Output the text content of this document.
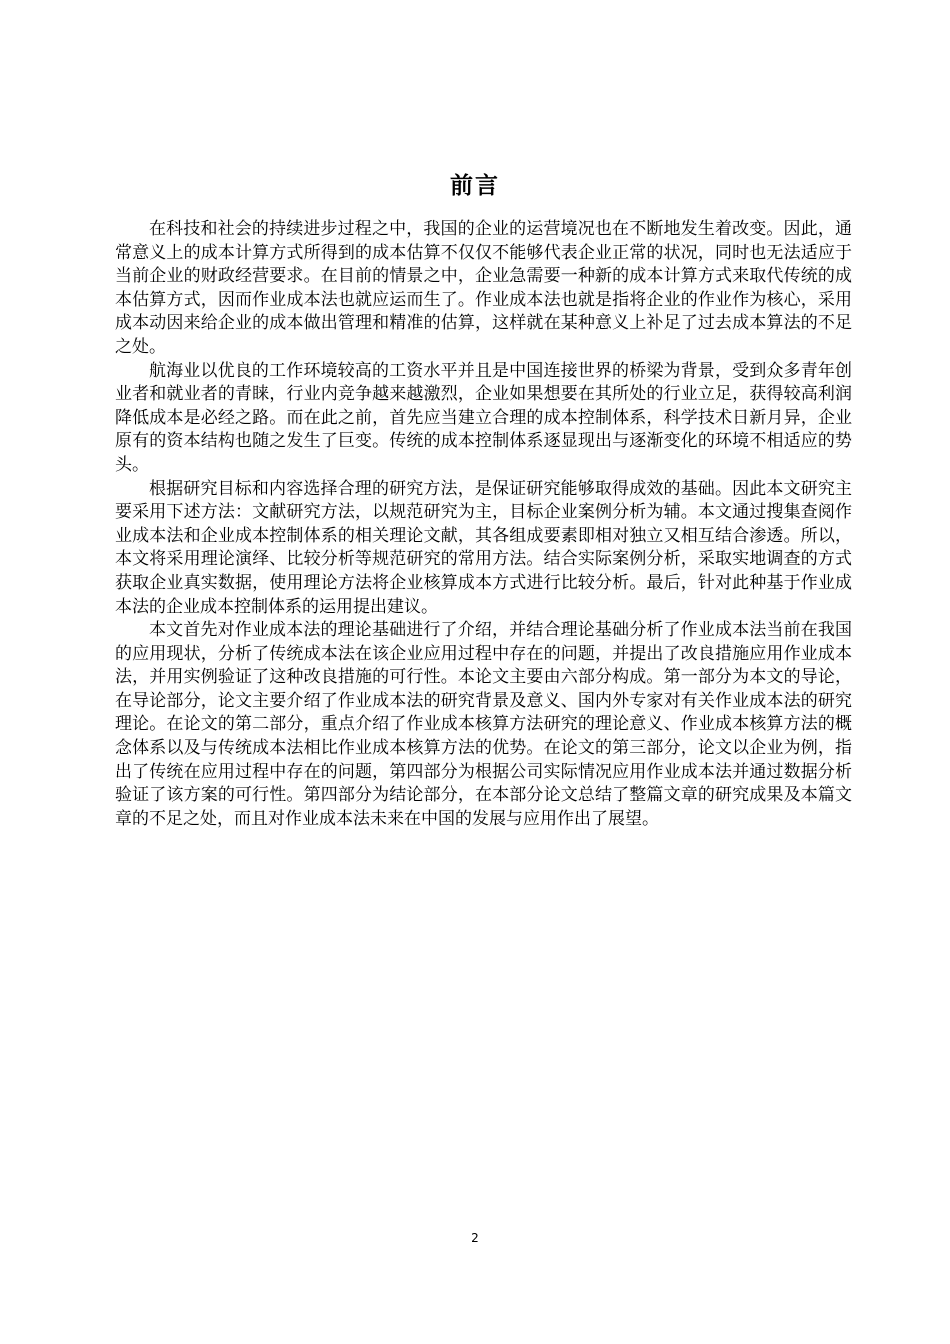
前言

在科技和社会的持续进步过程之中，我国的企业的运营境况也在不断地发生着改变。因此，通常意义上的成本计算方式所得到的成本估算不仅仅不能够代表企业正常的状况，同时也无法适应于当前企业的财政经营要求。在目前的情景之中，企业急需要一种新的成本计算方式来取代传统的成本估算方式，因而作业成本法也就应运而生了。作业成本法也就是指将企业的作业作为核心，采用成本动因来给企业的成本做出管理和精准的估算，这样就在某种意义上补足了过去成本算法的不足之处。

航海业以优良的工作环境较高的工资水平并且是中国连接世界的桥梁为背景，受到众多青年创业者和就业者的青睐，行业内竞争越来越激烈，企业如果想要在其所处的行业立足，获得较高利润降低成本是必经之路。而在此之前，首先应当建立合理的成本控制体系，科学技术日新月异，企业原有的资本结构也随之发生了巨变。传统的成本控制体系逐显现出与逐渐变化的环境不相适应的势头。

根据研究目标和内容选择合理的研究方法，是保证研究能够取得成效的基础。因此本文研究主要采用下述方法：文献研究方法，以规范研究为主，目标企业案例分析为辅。本文通过搜集查阅作业成本法和企业成本控制体系的相关理论文献，其各组成要素即相对独立又相互结合渗透。所以，本文将采用理论演绎、比较分析等规范研究的常用方法。结合实际案例分析，采取实地调查的方式获取企业真实数据，使用理论方法将企业核算成本方式进行比较分析。最后，针对此种基于作业成本法的企业成本控制体系的运用提出建议。

本文首先对作业成本法的理论基础进行了介绍，并结合理论基础分析了作业成本法当前在我国的应用现状，分析了传统成本法在该企业应用过程中存在的问题，并提出了改良措施应用作业成本法，并用实例验证了这种改良措施的可行性。本论文主要由六部分构成。第一部分为本文的导论，在导论部分，论文主要介绍了作业成本法的研究背景及意义、国内外专家对有关作业成本法的研究理论。在论文的第二部分，重点介绍了作业成本核算方法研究的理论意义、作业成本核算方法的概念体系以及与传统成本法相比作业成本核算方法的优势。在论文的第三部分，论文以企业为例，指出了传统在应用过程中存在的问题，第四部分为根据公司实际情况应用作业成本法并通过数据分析验证了该方案的可行性。第四部分为结论部分，在本部分论文总结了整篇文章的研究成果及本篇文章的不足之处，而且对作业成本法未来在中国的发展与应用作出了展望。

2
